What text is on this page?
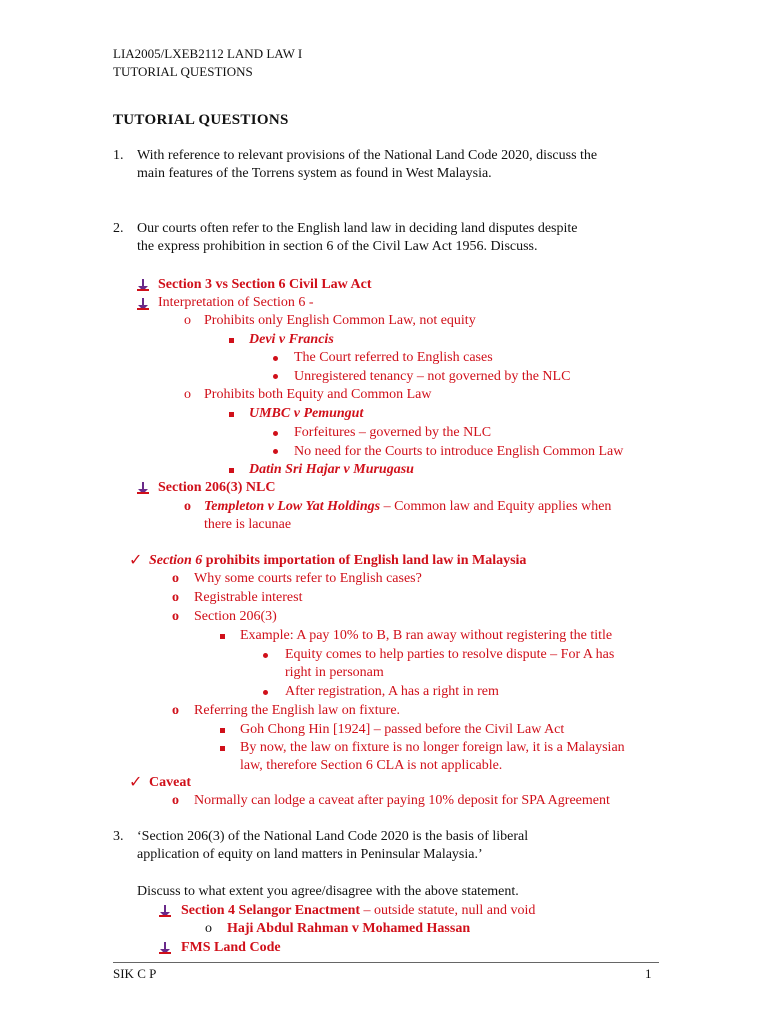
LIA2005/LXEB2112 LAND LAW I
TUTORIAL QUESTIONS
TUTORIAL QUESTIONS
1. With reference to relevant provisions of the National Land Code 2020, discuss the
main features of the Torrens system as found in West Malaysia.
2. Our courts often refer to the English land law in deciding land disputes despite
the express prohibition in section 6 of the Civil Law Act 1956. Discuss.
Section 3 vs Section 6 Civil Law Act
Interpretation of Section 6 -
o Prohibits only English Common Law, not equity
Devi v Francis
The Court referred to English cases
Unregistered tenancy – not governed by the NLC
o Prohibits both Equity and Common Law
UMBC v Pemungut
Forfeitures – governed by the NLC
No need for the Courts to introduce English Common Law
Datin Sri Hajar v Murugasu
Section 206(3) NLC
o Templeton v Low Yat Holdings – Common law and Equity applies when
there is lacunae
✓ Section 6 prohibits importation of English land law in Malaysia
o Why some courts refer to English cases?
o Registrable interest
o Section 206(3)
Example: A pay 10% to B, B ran away without registering the title
Equity comes to help parties to resolve dispute – For A has
right in personam
After registration, A has a right in rem
o Referring the English law on fixture.
Goh Chong Hin [1924] – passed before the Civil Law Act
By now, the law on fixture is no longer foreign law, it is a Malaysian
law, therefore Section 6 CLA is not applicable.
✓ Caveat
o Normally can lodge a caveat after paying 10% deposit for SPA Agreement
3. ‘Section 206(3) of the National Land Code 2020 is the basis of liberal
application of equity on land matters in Peninsular Malaysia.’
Discuss to what extent you agree/disagree with the above statement.
Section 4 Selangor Enactment – outside statute, null and void
o Haji Abdul Rahman v Mohamed Hassan
FMS Land Code
SIK C P	1
